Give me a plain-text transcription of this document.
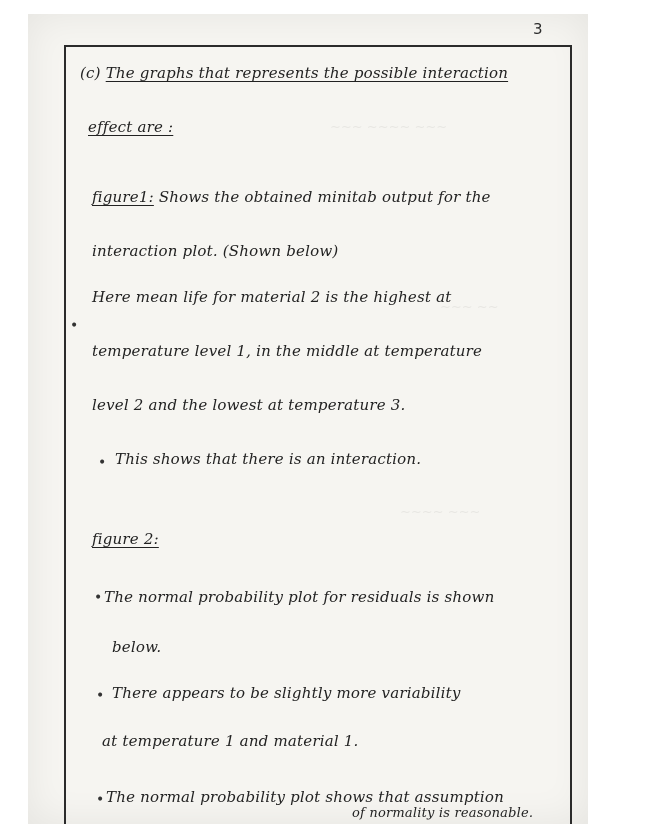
~~~ ~~~~ ~~~
~~~ ~~
~~~~ ~~~
3
(c) The graphs that represents the possible interaction
effect are :
figure1: Shows the obtained minitab output for the
interaction plot. (Shown below)
•
Here mean life for material 2 is the highest at
temperature level 1, in the middle at temperature
level 2 and the lowest at temperature 3.
• This shows that there is an interaction.
figure 2:
• The normal probability plot for residuals is shown
below.
• There appears to be slightly more variability
at temperature 1 and material 1.
• The normal probability plot shows that assumption
of normality is reasonable.
